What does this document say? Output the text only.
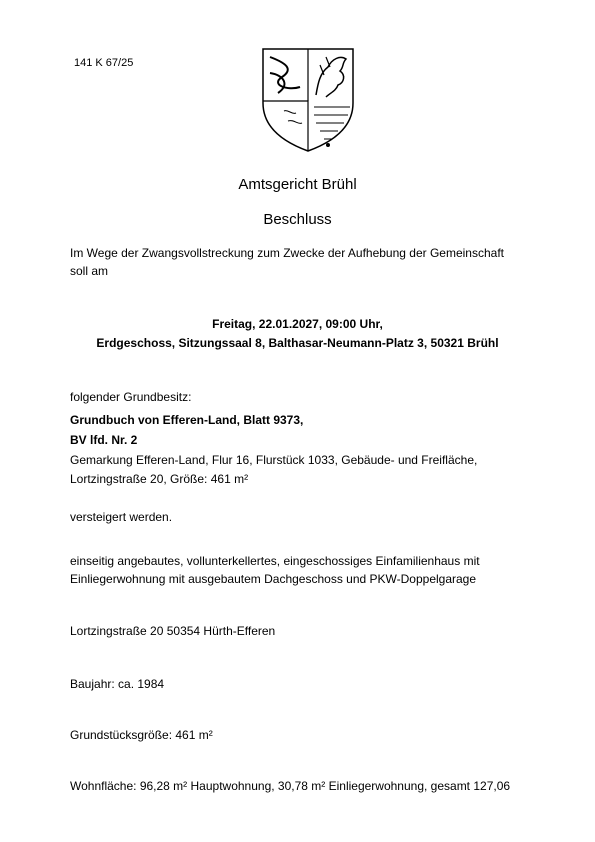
141 K 67/25
Amtsgericht Brühl
Beschluss
Im Wege der Zwangsvollstreckung zum Zwecke der Aufhebung der Gemeinschaft
soll am
Freitag, 22.01.2027, 09:00 Uhr,
Erdgeschoss, Sitzungssaal 8, Balthasar-Neumann-Platz 3, 50321 Brühl
folgender Grundbesitz:
Grundbuch von Efferen-Land, Blatt 9373,
BV lfd. Nr. 2
Gemarkung Efferen-Land, Flur 16, Flurstück 1033, Gebäude- und Freifläche,
Lortzingstraße 20, Größe: 461 m²
versteigert werden.
einseitig angebautes, vollunterkellertes, eingeschossiges Einfamilienhaus mit
Einliegerwohnung mit ausgebautem Dachgeschoss und PKW-Doppelgarage
Lortzingstraße 20 50354 Hürth-Efferen
Baujahr: ca. 1984
Grundstücksgröße: 461 m²
Wohnfläche: 96,28 m² Hauptwohnung, 30,78 m² Einliegerwohnung, gesamt 127,06
